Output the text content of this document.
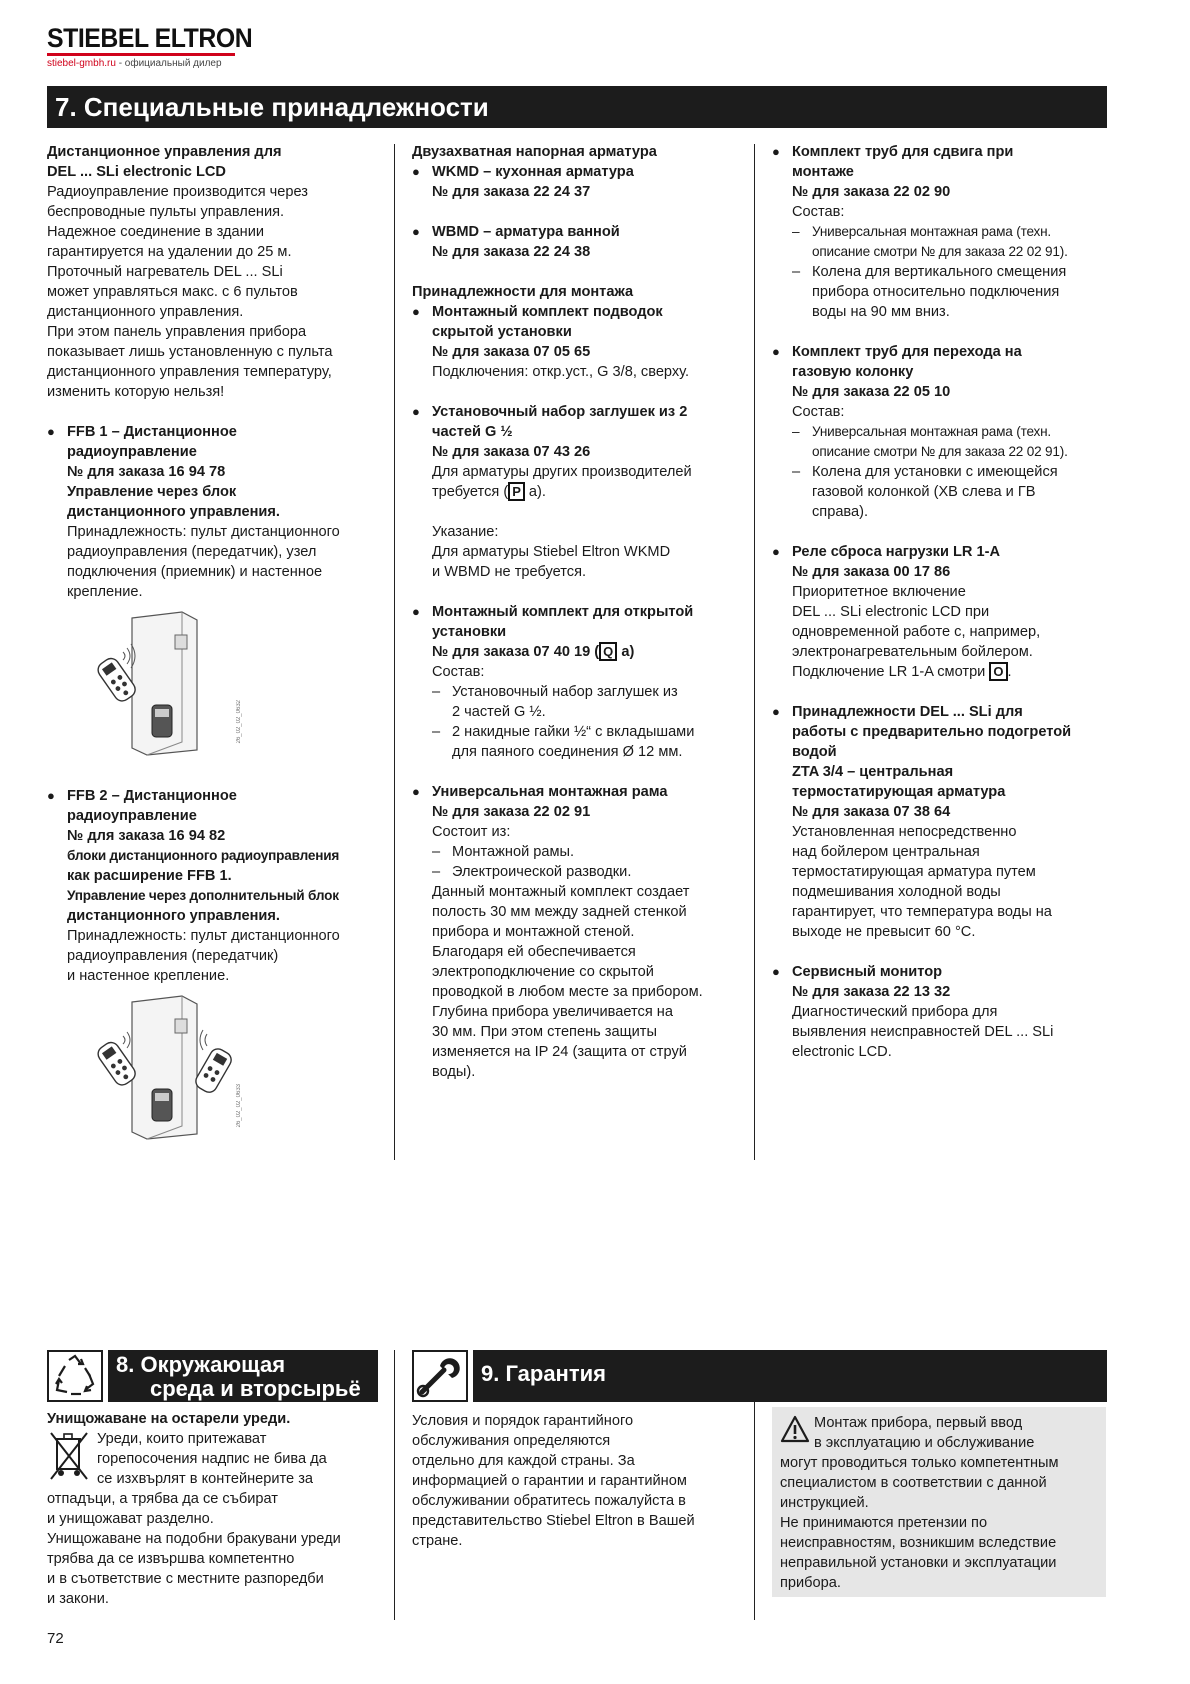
STIEBEL ELTRON
stiebel-gmbh.ru - официальный дилер
7. Специальные принадлежности

Дистанционное управления для

DEL ... SLi electronic LCD

Радиоуправление производится через

беспроводные пульты управления.

Надежное соединение в здании

гарантируется на удалении до 25 м.

Проточный нагреватель DEL ... SLi

может управляться макс. с 6 пультов

дистанционного управления.

При этом панель управления прибора

показывает лишь установленную с пульта

дистанционного управления температуру,

изменить которую нельзя!

● FFB 1 – Дистанционное

радиоуправление

№ для заказа 16 94 78

Управление через блок

дистанционного управления.

Принадлежность: пульт дистанционного

радиоуправления (передатчик), узел

подключения (приемник) и настенное

крепление.

26_02_02_0632

● FFB 2 – Дистанционное

радиоуправление

№ для заказа 16 94 82

блоки дистанционного радиоуправления

как расширение FFB 1.

Управление через дополнительный блок

дистанционного управления.

Принадлежность: пульт дистанционного

радиоуправления (передатчик)

и настенное крепление.

26_02_02_0633

Двузахватная напорная арматура

● WKMD – кухонная арматура

№ для заказа 22 24 37

● WBMD – арматура ванной

№ для заказа 22 24 38

Принадлежности для монтажа

● Монтажный комплект подводок

скрытой установки

№ для заказа 07 05 65

Подключения: откр.уст., G 3/8, сверху.

● Установочный набор заглушек из 2

частей G ½

№ для заказа 07 43 26

Для арматуры других производителей

требуется ( P a).

Указание:

Для арматуры Stiebel Eltron WKMD

и WBMD не требуется.

● Монтажный комплект для открытой

установки

№ для заказа 07 40 19 ( Q a)

Состав:

– Установочный набор заглушек из

2 частей G ½.

– 2 накидные гайки ½“ с вкладышами

для паяного соединения Ø 12 мм.

● Универсальная монтажная рама

№ для заказа 22 02 91

Состоит из:

– Монтажной рамы.

– Электроической разводки.

Данный монтажный комплект создает

полость 30 мм между задней стенкой

прибора и монтажной стеной.

Благодаря ей обеспечивается

электроподключение со скрытой

проводкой в любом месте за прибором.

Глубина прибора увеличивается на

30 мм. При этом степень защиты

изменяется на IP 24 (защита от струй

воды).

● Комплект труб для сдвига при

монтаже

№ для заказа 22 02 90

Состав:

– Универсальная монтажная рама (техн.

описание смотри № для заказа 22 02 91).

– Колена для вертикального смещения

прибора относительно подключения

воды на 90 мм вниз.

● Комплект труб для перехода на

газовую колонку

№ для заказа 22 05 10

Состав:

– Универсальная монтажная рама (техн.

описание смотри № для заказа 22 02 91).

– Колена для установки с имеющейся

газовой колонкой (ХВ слева и ГВ

справа).

● Реле сброса нагрузки LR 1-A

№ для заказа 00 17 86

Приоритетное включение

DEL ... SLi electronic LCD при

одновременной работе с, например,

электронагревательным бойлером.

Подключение LR 1-A смотри O .

● Принадлежности DEL ... SLi для

работы с предварительно подогретой

водой

ZTA 3/4 – центральная

термостатирующая арматура

№ для заказа 07 38 64

Установленная непосредственно

над бойлером центральная

термостатирующая арматура путем

подмешивания холодной воды

гарантирует, что температура воды на

выходе не превысит 60 °C.

● Сервисный монитор

№ для заказа 22 13 32

Диагностический прибора для

выявления неисправностей DEL ... SLi

electronic LCD.

8. Окружающая
среда и вторсырьё

Унищожаване на остарели уреди.

Уреди, които притежават

горепосочения надпис не бива да

се изхвърлят в контейнерите за

отпадъци, а трябва да се събират

и унищожават разделно.

Унищожаване на подобни бракувани уреди

трябва да се извършва компетентно

и в съответствие с местните разпоредби

и закони.

9. Гарантия

Условия и порядок гарантийного

обслуживания определяются

отдельно для каждой страны. За

информацией о гарантии и гарантийном

обслуживании обратитесь пожалуйста в

представительство Stiebel Eltron в Вашей

стране.

Монтаж прибора, первый ввод

в эксплуатацию и обслуживание

могут проводиться только компетентным

специалистом в соответствии с данной

инструкцией.

Не принимаются претензии по

неисправностям, возникшим вследствие

неправильной установки и эксплуатации

прибора.

72
